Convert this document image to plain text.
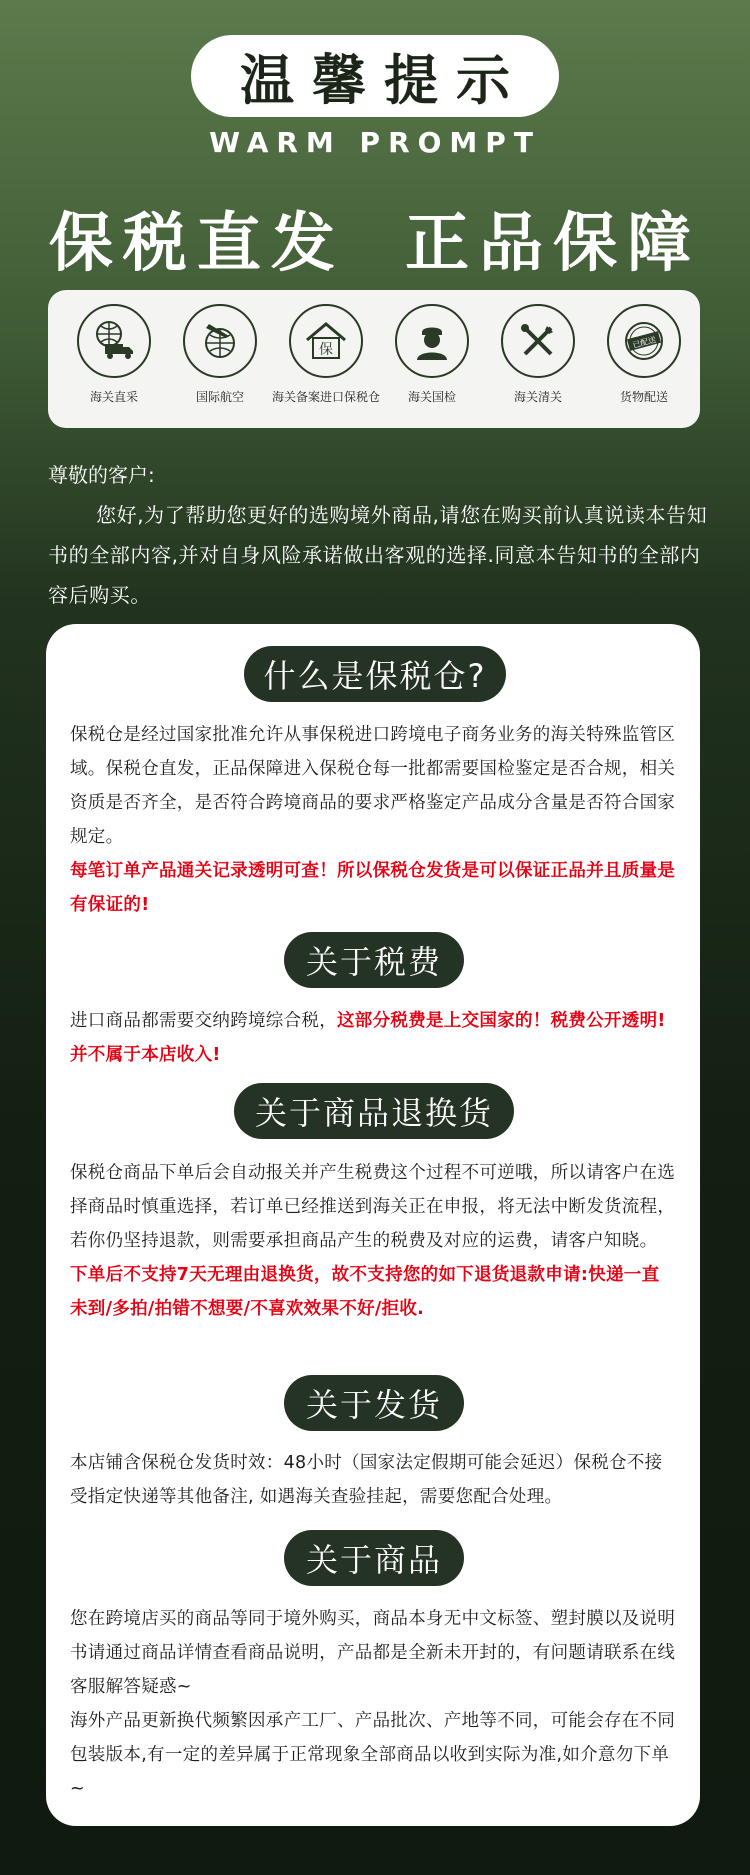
温馨提示
WARM PROMPT
保税直发 正品保障
海关直采	国际航空
保
海关备案进口保税仓	海关国检	海关清关
已配送
货物配送

尊敬的客户:

您好,为了帮助您更好的选购境外商品,请您在购买前认真说读本告知书的全部内容,并对自身风险承诺做出客观的选择.同意本告知书的全部内容后购买。

什么是保税仓?

保税仓是经过国家批准允许从事保税进口跨境电子商务业务的海关特殊监管区域。保税仓直发，正品保障进入保税仓每一批都需要国检鉴定是否合规，相关资质是否齐全，是否符合跨境商品的要求严格鉴定产品成分含量是否符合国家规定。

每笔订单产品通关记录透明可查！所以保税仓发货是可以保证正品并且质量是有保证的!

关于税费

进口商品都需要交纳跨境综合税，这部分税费是上交国家的！税费公开透明!并不属于本店收入!

关于商品退换货

保税仓商品下单后会自动报关并产生税费这个过程不可逆哦，所以请客户在选择商品时慎重选择，若订单已经推送到海关正在申报，将无法中断发货流程，若你仍坚持退款，则需要承担商品产生的税费及对应的运费，请客户知晓。

下单后不支持7天无理由退换货，故不支持您的如下退货退款申请:快递一直未到/多拍/拍错不想要/不喜欢效果不好/拒收.

关于发货

本店铺含保税仓发货时效：48小时（国家法定假期可能会延迟）保税仓不接受指定快递等其他备注, 如遇海关查验挂起，需要您配合处理。

关于商品

您在跨境店买的商品等同于境外购买，商品本身无中文标签、塑封膜以及说明书请通过商品详情查看商品说明，产品都是全新未开封的，有问题请联系在线客服解答疑惑~

海外产品更新换代频繁因承产工厂、产品批次、产地等不同，可能会存在不同包装版本,有一定的差异属于正常现象全部商品以收到实际为准,如介意勿下单~
